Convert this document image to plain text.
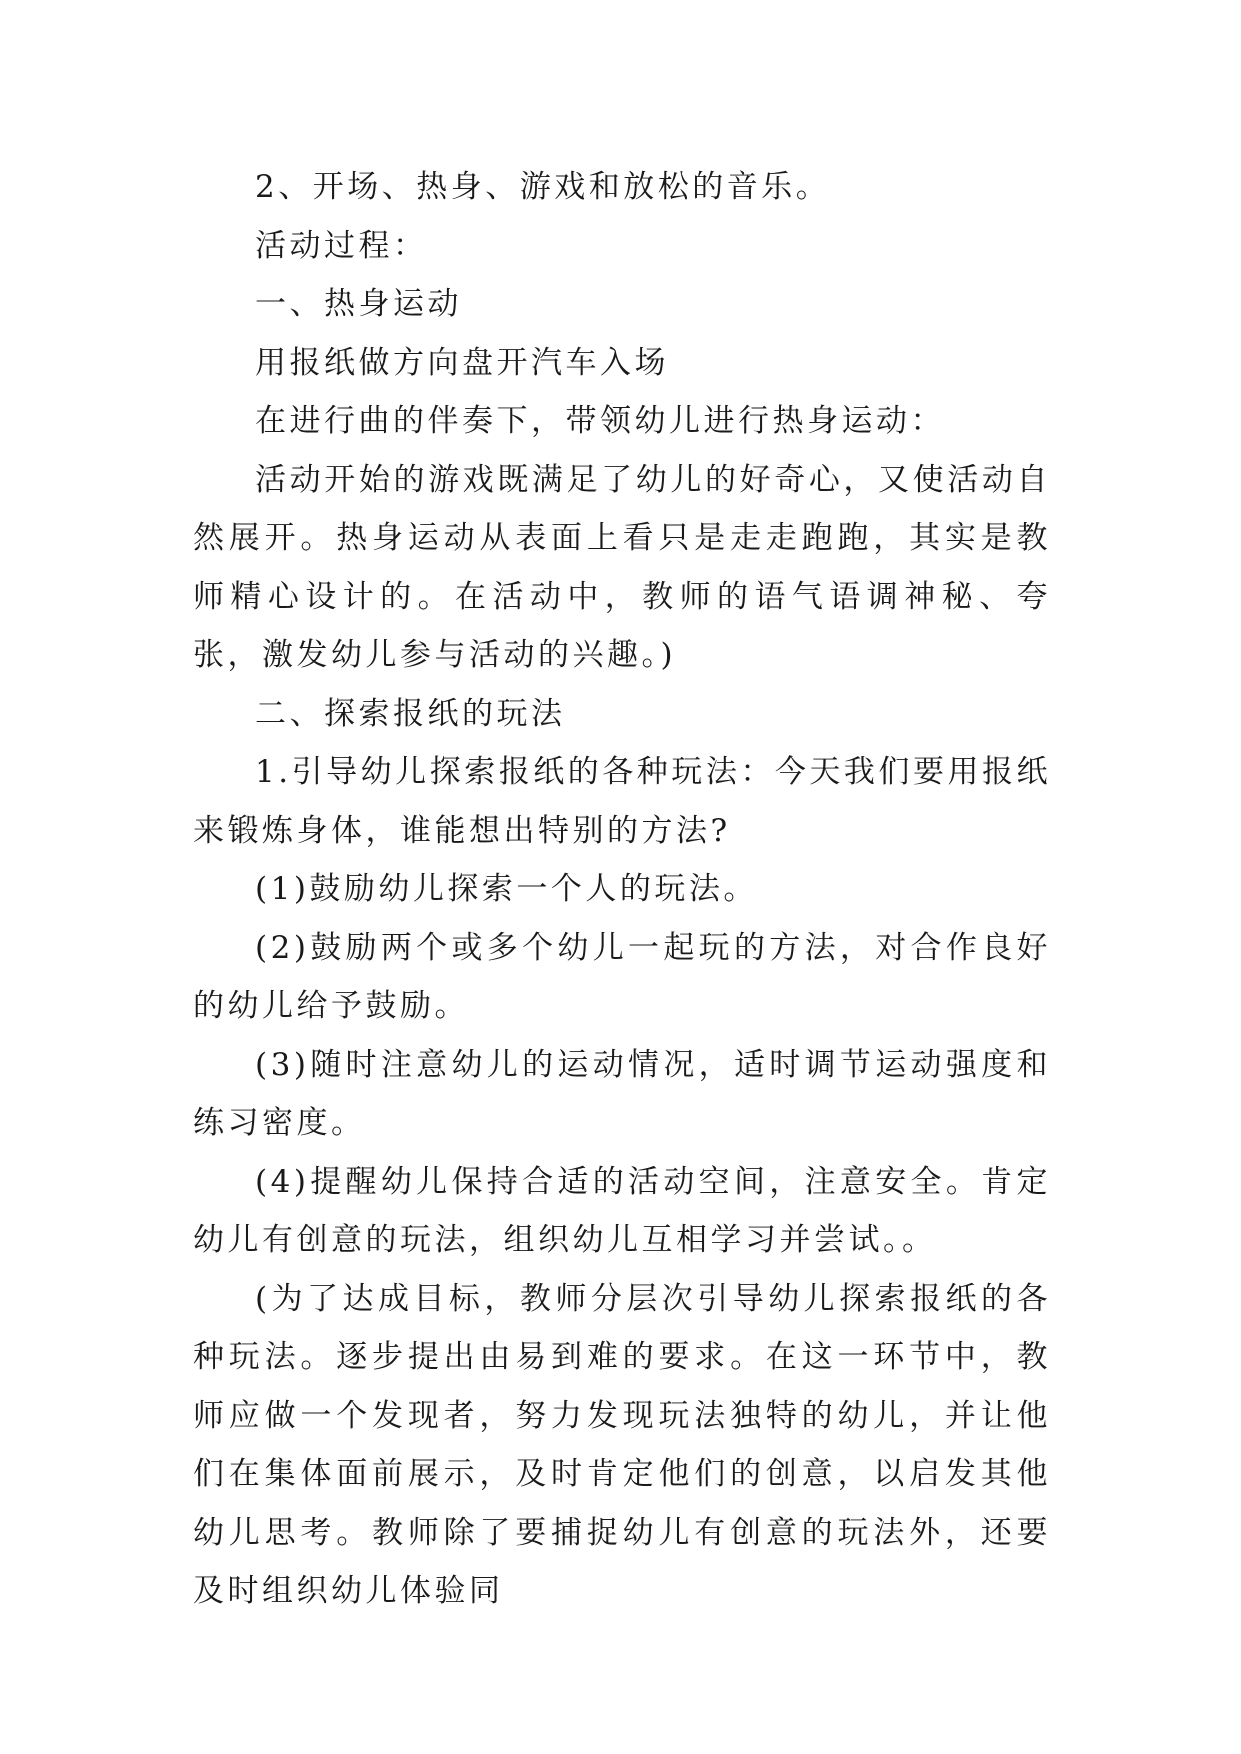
2、开场、热身、游戏和放松的音乐。

活动过程：

一、热身运动

用报纸做方向盘开汽车入场

在进行曲的伴奏下，带领幼儿进行热身运动：

活动开始的游戏既满足了幼儿的好奇心，又使活动自然展开。热身运动从表面上看只是走走跑跑，其实是教师精心设计的。在活动中，教师的语气语调神秘、夸张，激发幼儿参与活动的兴趣。)

二、探索报纸的玩法

1.引导幼儿探索报纸的各种玩法：今天我们要用报纸来锻炼身体，谁能想出特别的方法?

(1)鼓励幼儿探索一个人的玩法。

(2)鼓励两个或多个幼儿一起玩的方法，对合作良好的幼儿给予鼓励。

(3)随时注意幼儿的运动情况，适时调节运动强度和练习密度。

(4)提醒幼儿保持合适的活动空间，注意安全。肯定幼儿有创意的玩法，组织幼儿互相学习并尝试。。

(为了达成目标，教师分层次引导幼儿探索报纸的各种玩法。逐步提出由易到难的要求。在这一环节中，教师应做一个发现者，努力发现玩法独特的幼儿，并让他们在集体面前展示，及时肯定他们的创意，以启发其他幼儿思考。教师除了要捕捉幼儿有创意的玩法外，还要及时组织幼儿体验同
